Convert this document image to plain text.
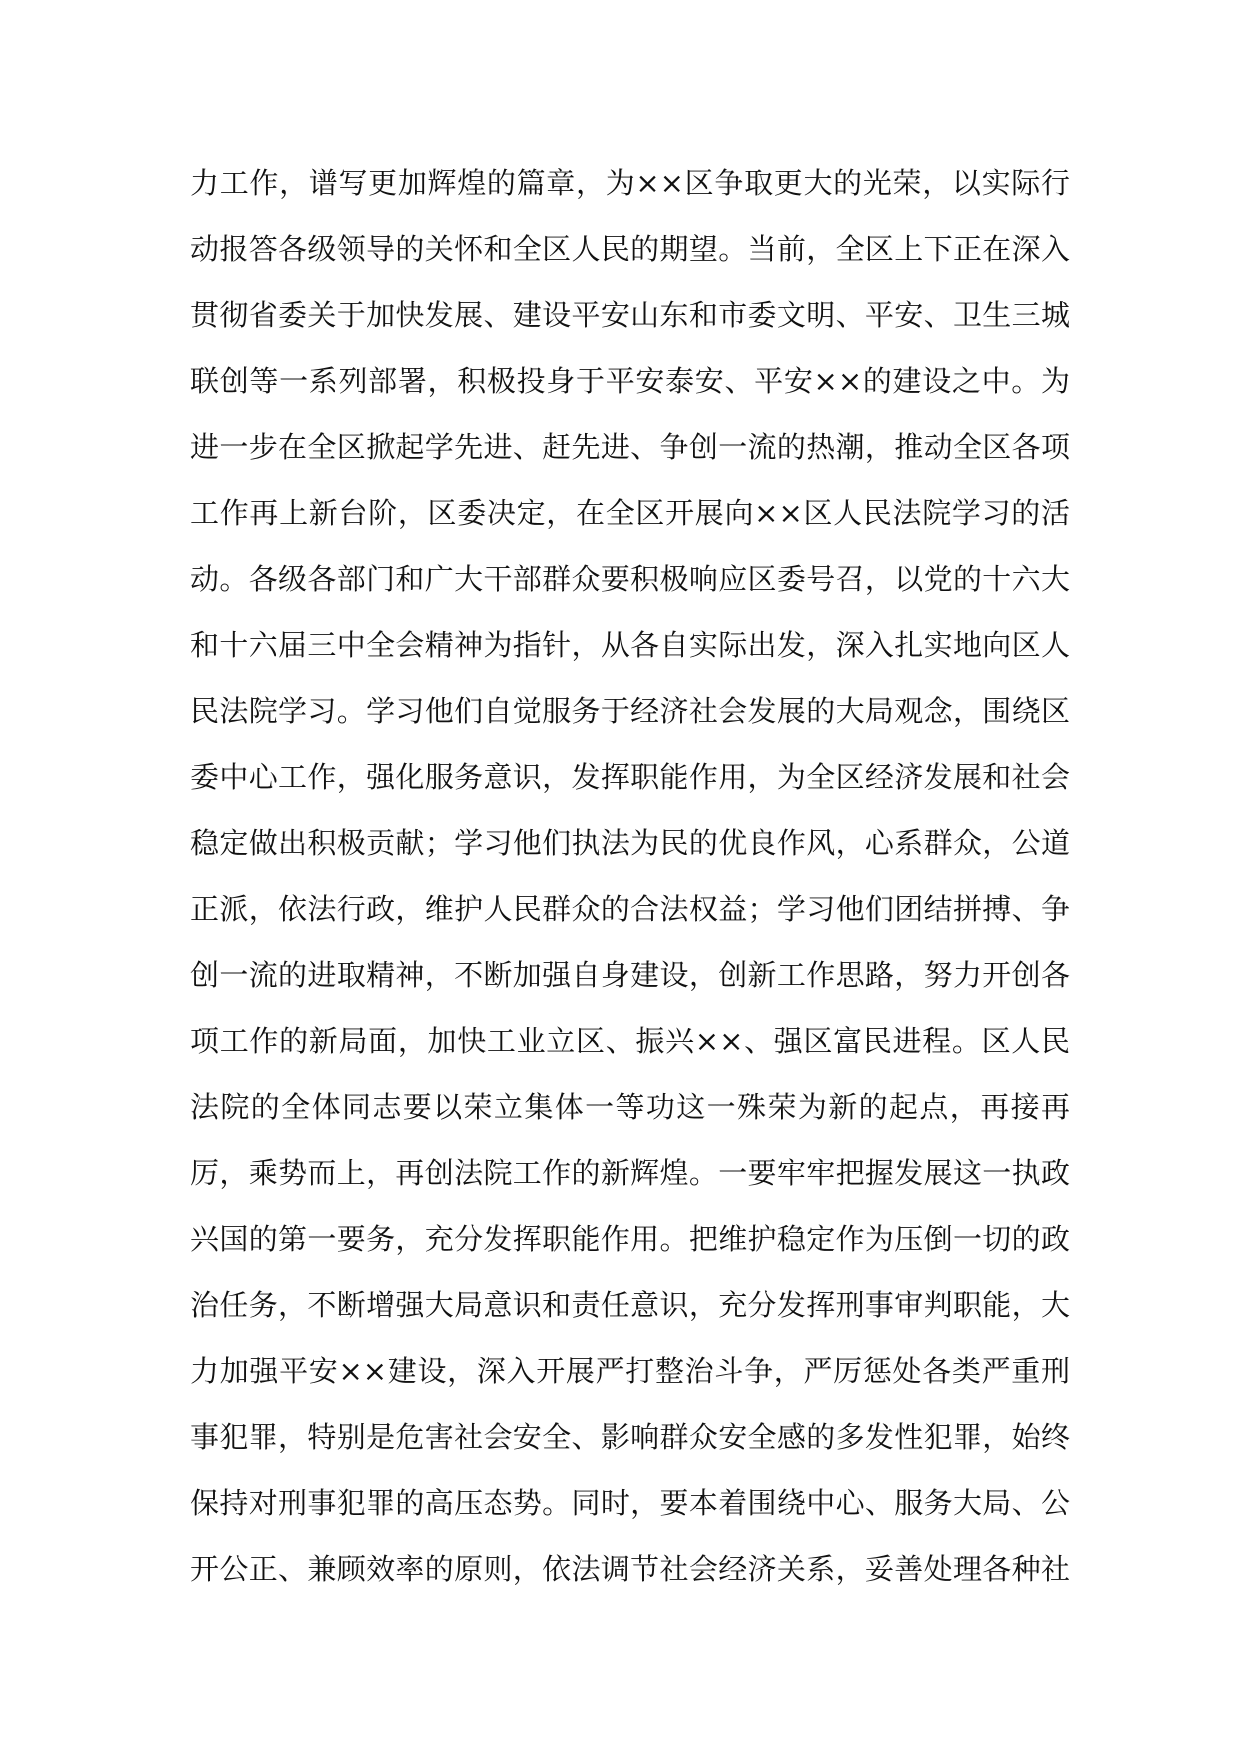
力工作，谱写更加辉煌的篇章，为××区争取更大的光荣，以实际行
动报答各级领导的关怀和全区人民的期望。当前，全区上下正在深入
贯彻省委关于加快发展、建设平安山东和市委文明、平安、卫生三城
联创等一系列部署，积极投身于平安泰安、平安××的建设之中。为
进一步在全区掀起学先进、赶先进、争创一流的热潮，推动全区各项
工作再上新台阶，区委决定，在全区开展向××区人民法院学习的活
动。各级各部门和广大干部群众要积极响应区委号召，以党的十六大
和十六届三中全会精神为指针，从各自实际出发，深入扎实地向区人
民法院学习。学习他们自觉服务于经济社会发展的大局观念，围绕区
委中心工作，强化服务意识，发挥职能作用，为全区经济发展和社会
稳定做出积极贡献；学习他们执法为民的优良作风，心系群众，公道
正派，依法行政，维护人民群众的合法权益；学习他们团结拼搏、争
创一流的进取精神，不断加强自身建设，创新工作思路，努力开创各
项工作的新局面，加快工业立区、振兴××、强区富民进程。区人民
法院的全体同志要以荣立集体一等功这一殊荣为新的起点，再接再
厉，乘势而上，再创法院工作的新辉煌。一要牢牢把握发展这一执政
兴国的第一要务，充分发挥职能作用。把维护稳定作为压倒一切的政
治任务，不断增强大局意识和责任意识，充分发挥刑事审判职能，大
力加强平安××建设，深入开展严打整治斗争，严厉惩处各类严重刑
事犯罪，特别是危害社会安全、影响群众安全感的多发性犯罪，始终
保持对刑事犯罪的高压态势。同时，要本着围绕中心、服务大局、公
开公正、兼顾效率的原则，依法调节社会经济关系，妥善处理各种社
